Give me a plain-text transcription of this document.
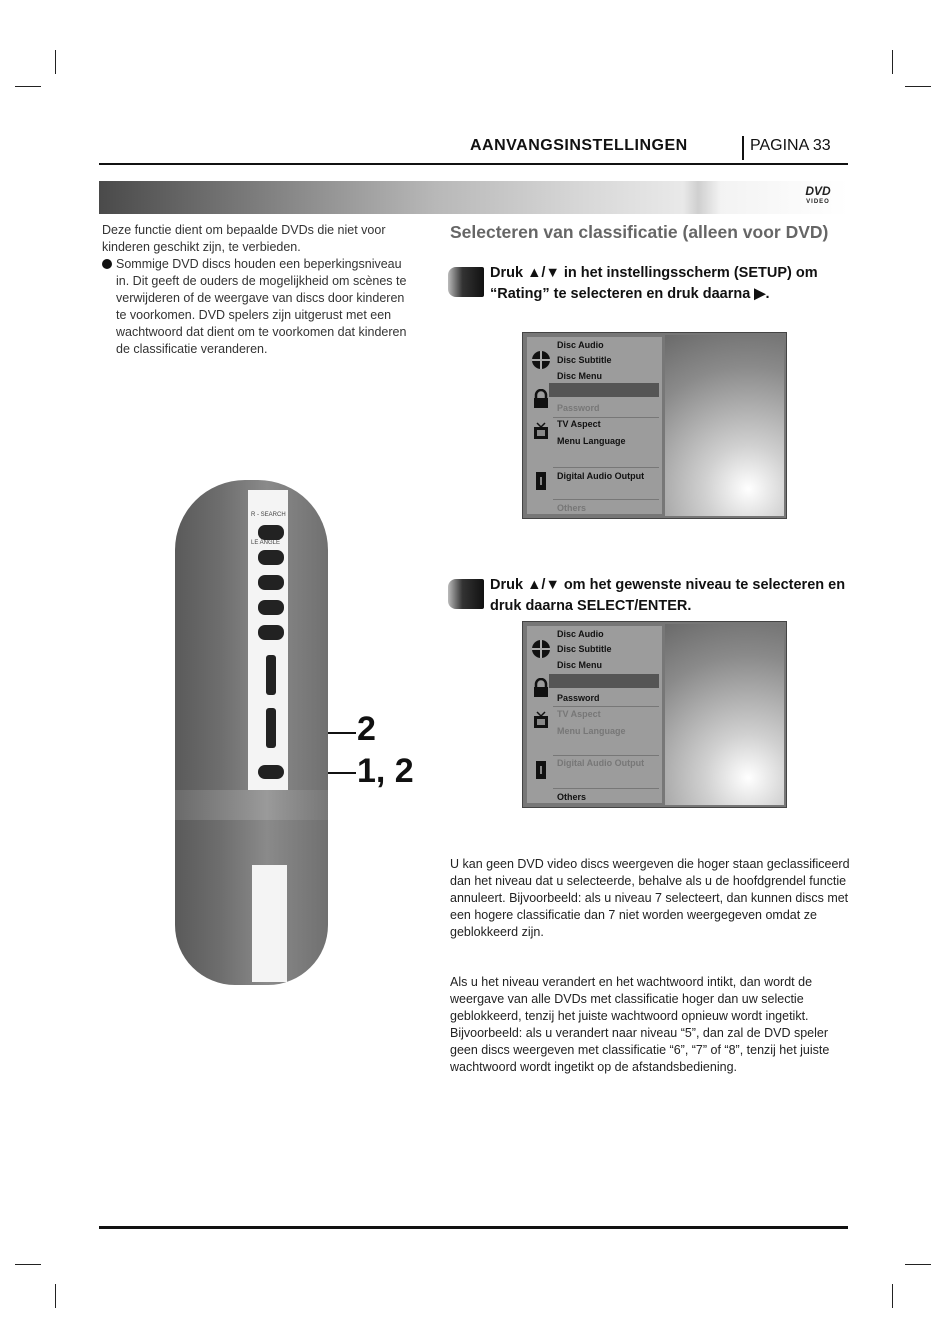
AANVANGSINSTELLINGEN	PAGINA 33
DVD
VIDEO

Deze functie dient om bepaalde DVDs die niet voor kinderen geschikt zijn, te verbieden.

Sommige DVD discs houden een beperkingsniveau in. Dit geeft de ouders de mogelijkheid om scènes te verwijderen of de weergave van discs door kinderen te voorkomen. DVD spelers zijn uitgerust met een wachtwoord dat dient om te voorkomen dat kinderen de classificatie veranderen.
Selecteren van classificatie (alleen voor DVD)
Druk ▲/▼ in het instellingsscherm (SETUP) om “Rating” te selecteren en druk daarna ▶.
Disc Audio
Disc Subtitle
Disc Menu
Password
TV Aspect
Menu Language
Digital Audio Output
Others
Druk ▲/▼ om het gewenste niveau te selecteren en druk daarna SELECT/ENTER.
Disc Audio
Disc Subtitle
Disc Menu
Password
TV Aspect
Menu Language
Digital Audio Output
Others
R - SEARCH
LE ANGLE
2
1, 2
U kan geen DVD video discs weergeven die hoger staan geclassificeerd dan het niveau dat u selecteerde, behalve als u de hoofdgrendel functie annuleert. Bijvoorbeeld: als u niveau 7 selecteert, dan kunnen discs met een hogere classificatie dan 7 niet worden weergegeven omdat ze geblokkeerd zijn.
Als u het niveau verandert en het wachtwoord intikt, dan wordt de weergave van alle DVDs met classificatie hoger dan uw selectie geblokkeerd, tenzij het juiste wachtwoord opnieuw wordt ingetikt. Bijvoorbeeld: als u verandert naar niveau “5”, dan zal de DVD speler geen discs weergeven met classificatie “6”, “7” of “8”, tenzij het juiste wachtwoord wordt ingetikt op de afstandsbediening.
